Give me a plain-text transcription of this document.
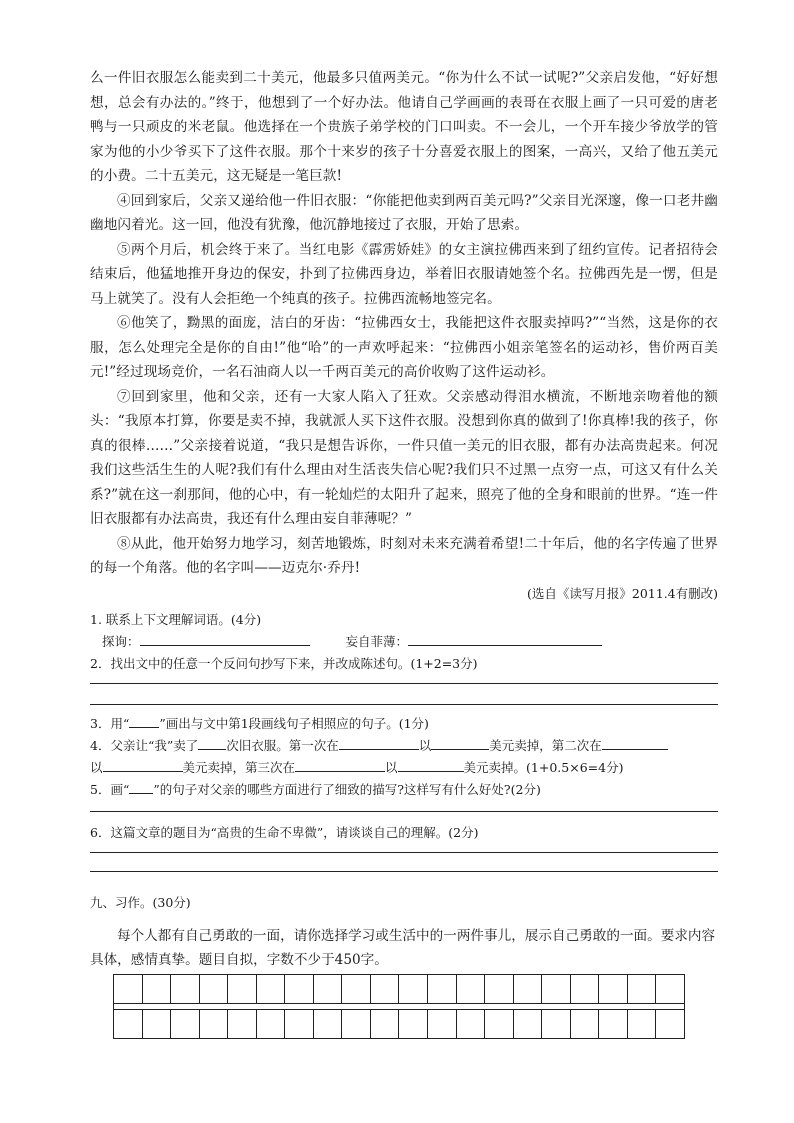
么一件旧衣服怎么能卖到二十美元，他最多只值两美元。“你为什么不试一试呢?”父亲启发他，“好好想想，总会有办法的。”终于，他想到了一个好办法。他请自己学画画的表哥在衣服上画了一只可爱的唐老鸭与一只顽皮的米老鼠。他选择在一个贵族子弟学校的门口叫卖。不一会儿，一个开车接少爷放学的管家为他的小少爷买下了这件衣服。那个十来岁的孩子十分喜爱衣服上的图案，一高兴，又给了他五美元的小费。二十五美元，这无疑是一笔巨款!

④回到家后，父亲又递给他一件旧衣服：“你能把他卖到两百美元吗?”父亲目光深邃，像一口老井幽幽地闪着光。这一回，他没有犹豫，他沉静地接过了衣服，开始了思索。

⑤两个月后，机会终于来了。当红电影《霹雳娇娃》的女主演拉佛西来到了纽约宣传。记者招待会结束后，他猛地推开身边的保安，扑到了拉佛西身边，举着旧衣服请她签个名。拉佛西先是一愣，但是马上就笑了。没有人会拒绝一个纯真的孩子。拉佛西流畅地签完名。

⑥他笑了，黝黑的面庞，洁白的牙齿：“拉佛西女士，我能把这件衣服卖掉吗?”“当然，这是你的衣服，怎么处理完全是你的自由!”他“哈”的一声欢呼起来：“拉佛西小姐亲笔签名的运动衫，售价两百美元!”经过现场竞价，一名石油商人以一千两百美元的高价收购了这件运动衫。

⑦回到家里，他和父亲，还有一大家人陷入了狂欢。父亲感动得泪水横流，不断地亲吻着他的额头：“我原本打算，你要是卖不掉，我就派人买下这件衣服。没想到你真的做到了!你真棒!我的孩子，你真的很棒……”父亲接着说道，“我只是想告诉你，一件只值一美元的旧衣服，都有办法高贵起来。何况我们这些活生生的人呢?我们有什么理由对生活丧失信心呢?我们只不过黑一点穷一点，可这又有什么关系?”就在这一刹那间，他的心中，有一轮灿烂的太阳升了起来，照亮了他的全身和眼前的世界。“连一件旧衣服都有办法高贵，我还有什么理由妄自菲薄呢？”

⑧从此，他开始努力地学习，刻苦地锻炼，时刻对未来充满着希望!二十年后，他的名字传遍了世界的每一个角落。他的名字叫——迈克尔·乔丹!

(选自《读写月报》2011.4有删改)

1. 联系上下文理解词语。(4分)

探询：	妄自菲薄：

2．找出文中的任意一个反问句抄写下来，并改成陈述句。(1+2=3分)

3．用“ ”画出与文中第1段画线句子相照应的句子。(1分)

4．父亲让“我”卖了 次旧衣服。第一次在	以	美元卖掉，第二次在

以	美元卖掉，第三次在	以	美元卖掉。(1+0.5×6=4分)

5．画“ ”的句子对父亲的哪些方面进行了细致的描写?这样写有什么好处?(2分)

6．这篇文章的题目为“高贵的生命不卑微”，请谈谈自己的理解。(2分)

九、习作。(30分)

每个人都有自己勇敢的一面，请你选择学习或生活中的一两件事儿，展示自己勇敢的一面。要求内容具体，感情真挚。题目自拟，字数不少于450字。
